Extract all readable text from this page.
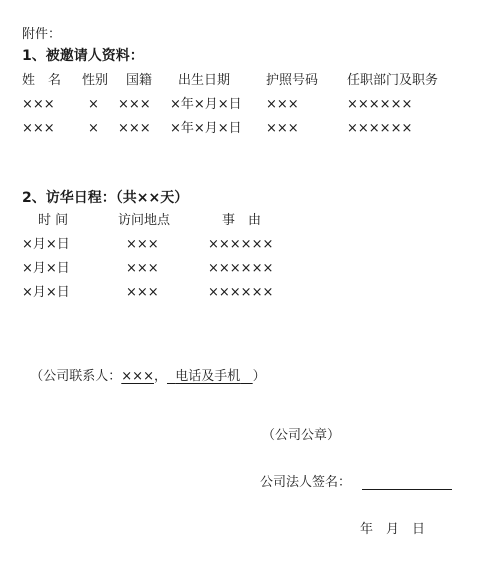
附件：
1、被邀请人资料：
姓　名 性别 国籍 出生日期	护照号码 任职部门及职务
×××	× ××× ×年×月×日 ×××	××××××
×××	× ××× ×年×月×日 ×××	××××××
2、访华日程：（共××天）
时 间	访问地点	事　由
×月×日	×××	××××××
×月×日	×××	××××××
×月×日	×××	××××××

（公司联系人：×××， 电话及手机 ）

（公司公章）
公司法人签名：
年　月　日
